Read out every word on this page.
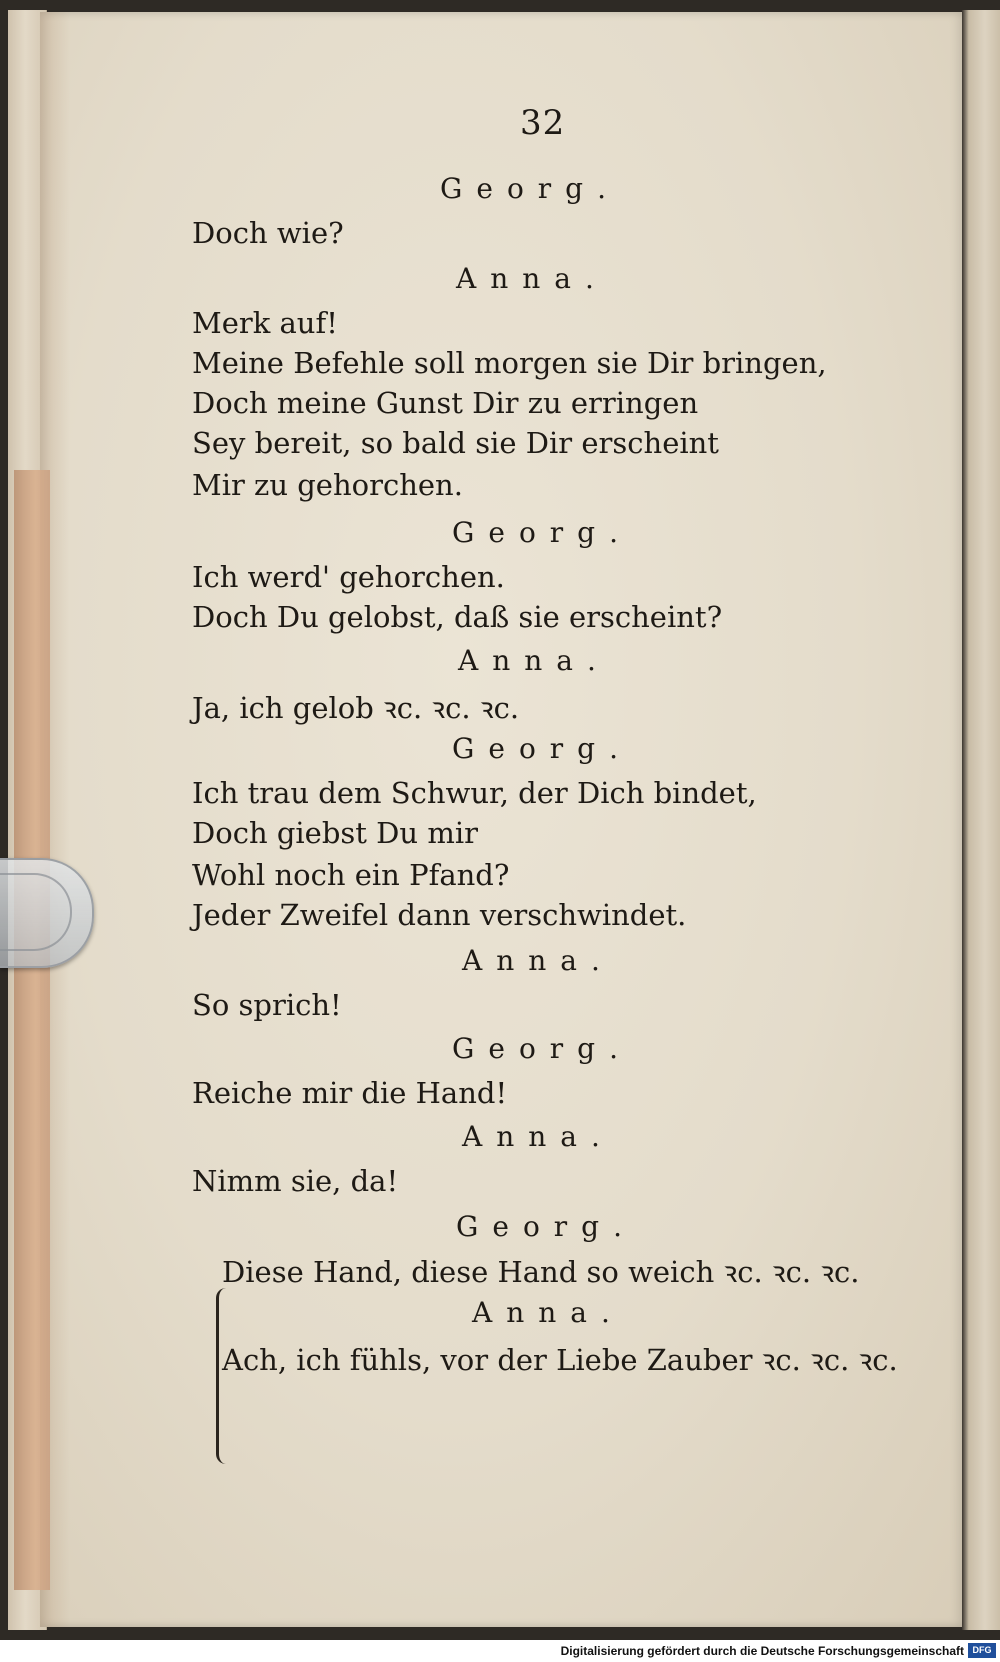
32
Georg.
Doch wie?
Anna.
Merk auf!
Meine Befehle soll morgen sie Dir bringen,
Doch meine Gunst Dir zu erringen
Sey bereit, so bald sie Dir erscheint
Mir zu gehorchen.
Georg.
Ich werd' gehorchen.
Doch Du gelobst, daß sie erscheint?
Anna.
Ja, ich gelob ꝛc. ꝛc. ꝛc.
Georg.
Ich trau dem Schwur, der Dich bindet,
Doch giebst Du mir
Wohl noch ein Pfand?
Jeder Zweifel dann verschwindet.
Anna.
So sprich!
Georg.
Reiche mir die Hand!
Anna.
Nimm sie, da!
Georg.
Diese Hand, diese Hand so weich ꝛc. ꝛc. ꝛc.
Anna.
Ach, ich fühls, vor der Liebe Zauber ꝛc. ꝛc. ꝛc.
Digitalisierung gefördert durch die Deutsche Forschungsgemeinschaft DFG
